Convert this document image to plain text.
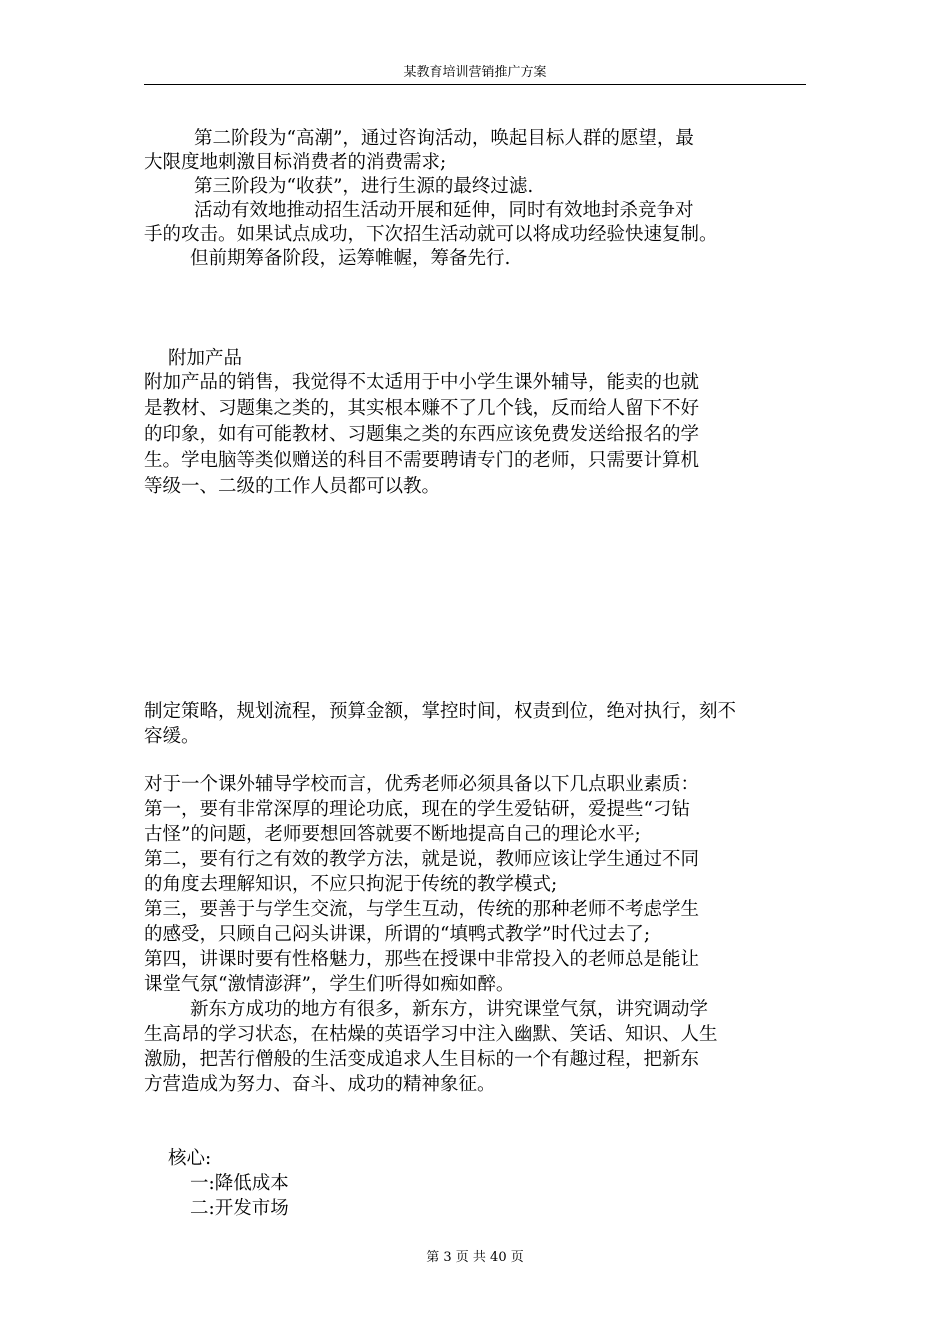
某教育培训营销推广方案
第二阶段为“高潮”，通过咨询活动，唤起目标人群的愿望，最
大限度地刺激目标消费者的消费需求;
第三阶段为“收获”，进行生源的最终过滤.
活动有效地推动招生活动开展和延伸，同时有效地封杀竞争对
手的攻击。如果试点成功，下次招生活动就可以将成功经验快速复制。
但前期筹备阶段，运筹帷幄，筹备先行.
附加产品
附加产品的销售，我觉得不太适用于中小学生课外辅导，能卖的也就
是教材、习题集之类的，其实根本赚不了几个钱，反而给人留下不好
的印象，如有可能教材、习题集之类的东西应该免费发送给报名的学
生。学电脑等类似赠送的科目不需要聘请专门的老师，只需要计算机
等级一、二级的工作人员都可以教。
制定策略，规划流程，预算金额，掌控时间，权责到位，绝对执行，刻不
容缓。
对于一个课外辅导学校而言，优秀老师必须具备以下几点职业素质：
第一，要有非常深厚的理论功底，现在的学生爱钻研，爱提些“刁钻
古怪”的问题，老师要想回答就要不断地提高自己的理论水平;
第二，要有行之有效的教学方法，就是说，教师应该让学生通过不同
的角度去理解知识，不应只拘泥于传统的教学模式;
第三，要善于与学生交流，与学生互动，传统的那种老师不考虑学生
的感受，只顾自己闷头讲课，所谓的“填鸭式教学”时代过去了;
第四，讲课时要有性格魅力，那些在授课中非常投入的老师总是能让
课堂气氛“激情澎湃”，学生们听得如痴如醉。
新东方成功的地方有很多，新东方，讲究课堂气氛，讲究调动学
生高昂的学习状态，在枯燥的英语学习中注入幽默、笑话、知识、人生
激励，把苦行僧般的生活变成追求人生目标的一个有趣过程，把新东
方营造成为努力、奋斗、成功的精神象征。
核心:
一:降低成本
二:开发市场
第 3 页 共 40 页
